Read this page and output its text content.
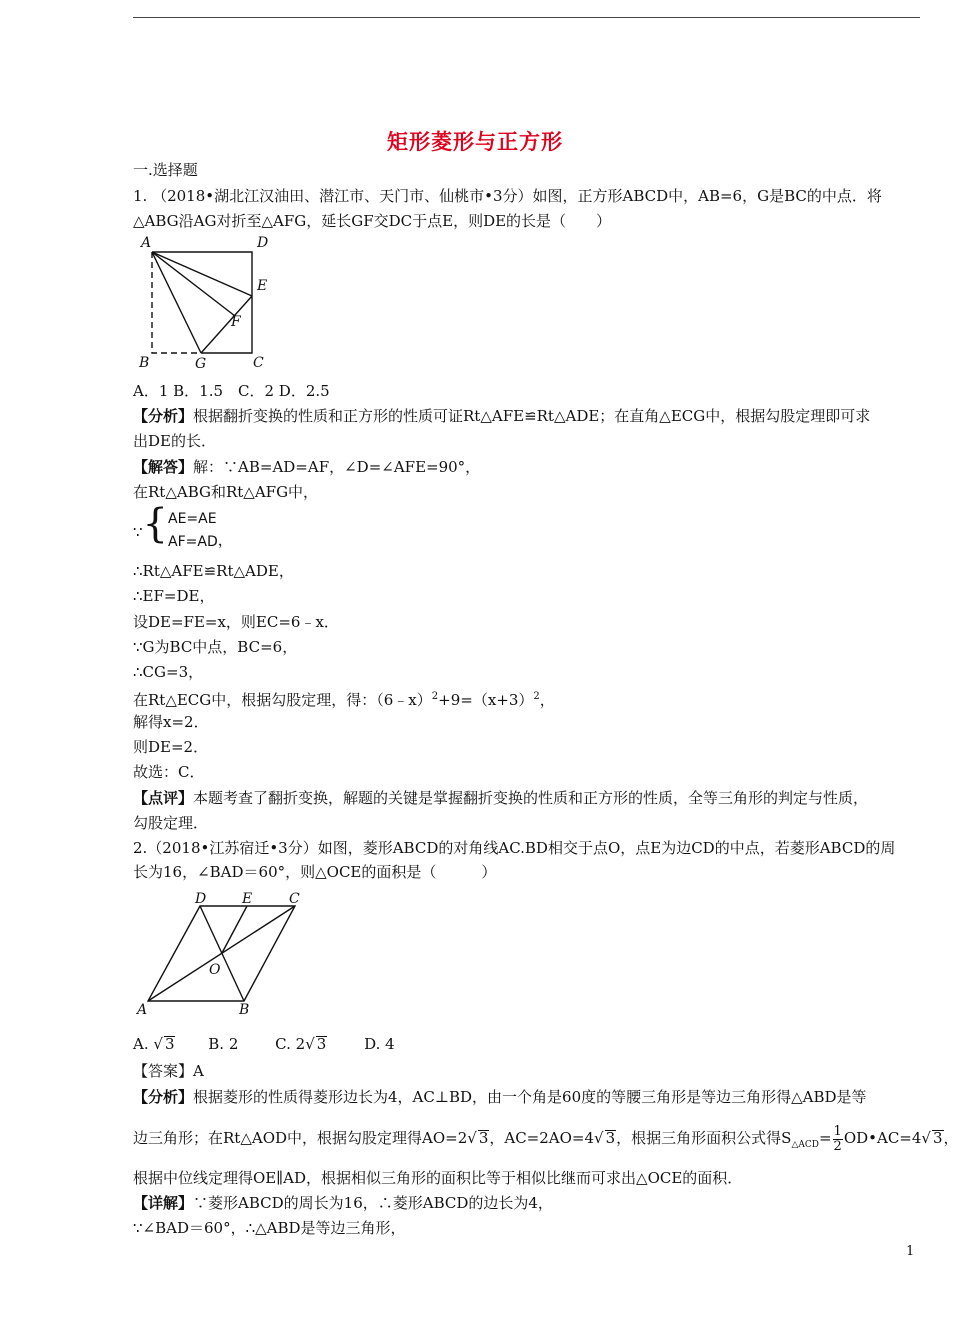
矩形菱形与正方形
一.选择题
1. （2018•湖北江汉油田、潜江市、天门市、仙桃市•3分）如图，正方形ABCD中，AB=6，G是BC的中点．将
△ABG沿AG对折至△AFG，延长GF交DC于点E，则DE的长是（　　）
A	D
E
F
B	G	C
A．1 B．1.5　C．2 D．2.5
【分析】根据翻折变换的性质和正方形的性质可证Rt△AFE≌Rt△ADE；在直角△ECG中，根据勾股定理即可求
出DE的长．
【解答】解：∵AB=AD=AF，∠D=∠AFE=90°，
在Rt△ABG和Rt△AFG中，
∵{ AE=AE
AF=AD ，
∴Rt△AFE≌Rt△ADE，
∴EF=DE，
设DE=FE=x，则EC=6﹣x．
∵G为BC中点，BC=6，
∴CG=3，
在Rt△ECG中，根据勾股定理，得：$(6﹣x)^2+9=(x+3)^2$，
解得x=2．
则DE=2．
故选：C．
【点评】本题考查了翻折变换，解题的关键是掌握翻折变换的性质和正方形的性质，全等三角形的判定与性质，
勾股定理．
2.（2018•江苏宿迁•3分）如图，菱形ABCD的对角线AC.BD相交于点O，点E为边CD的中点，若菱形ABCD的周
长为16，∠BAD＝60°，则△OCE的面积是（　　　）
D	E	C
O
A	B
A. √ 3 B. 2 C. 2√ 3	D. 4
【答案】A
【分析】根据菱形的性质得菱形边长为4，AC⊥BD，由一个角是60度的等腰三角形是等边三角形得△ABD是等
边三角形；在Rt△AOD中，根据勾股定理得AO=2√ 3，AC=2AO=4√ 3，根据三角形面积公式得$S_{\triangle ACD}= \frac{1}{2}$ OD•AC=4√ 3，
根据中位线定理得OE∥AD，根据相似三角形的面积比等于相似比继而可求出△OCE的面积．
【详解】∵菱形ABCD的周长为16，∴菱形ABCD的边长为4，
∵∠BAD＝60°，∴△ABD是等边三角形，
1
